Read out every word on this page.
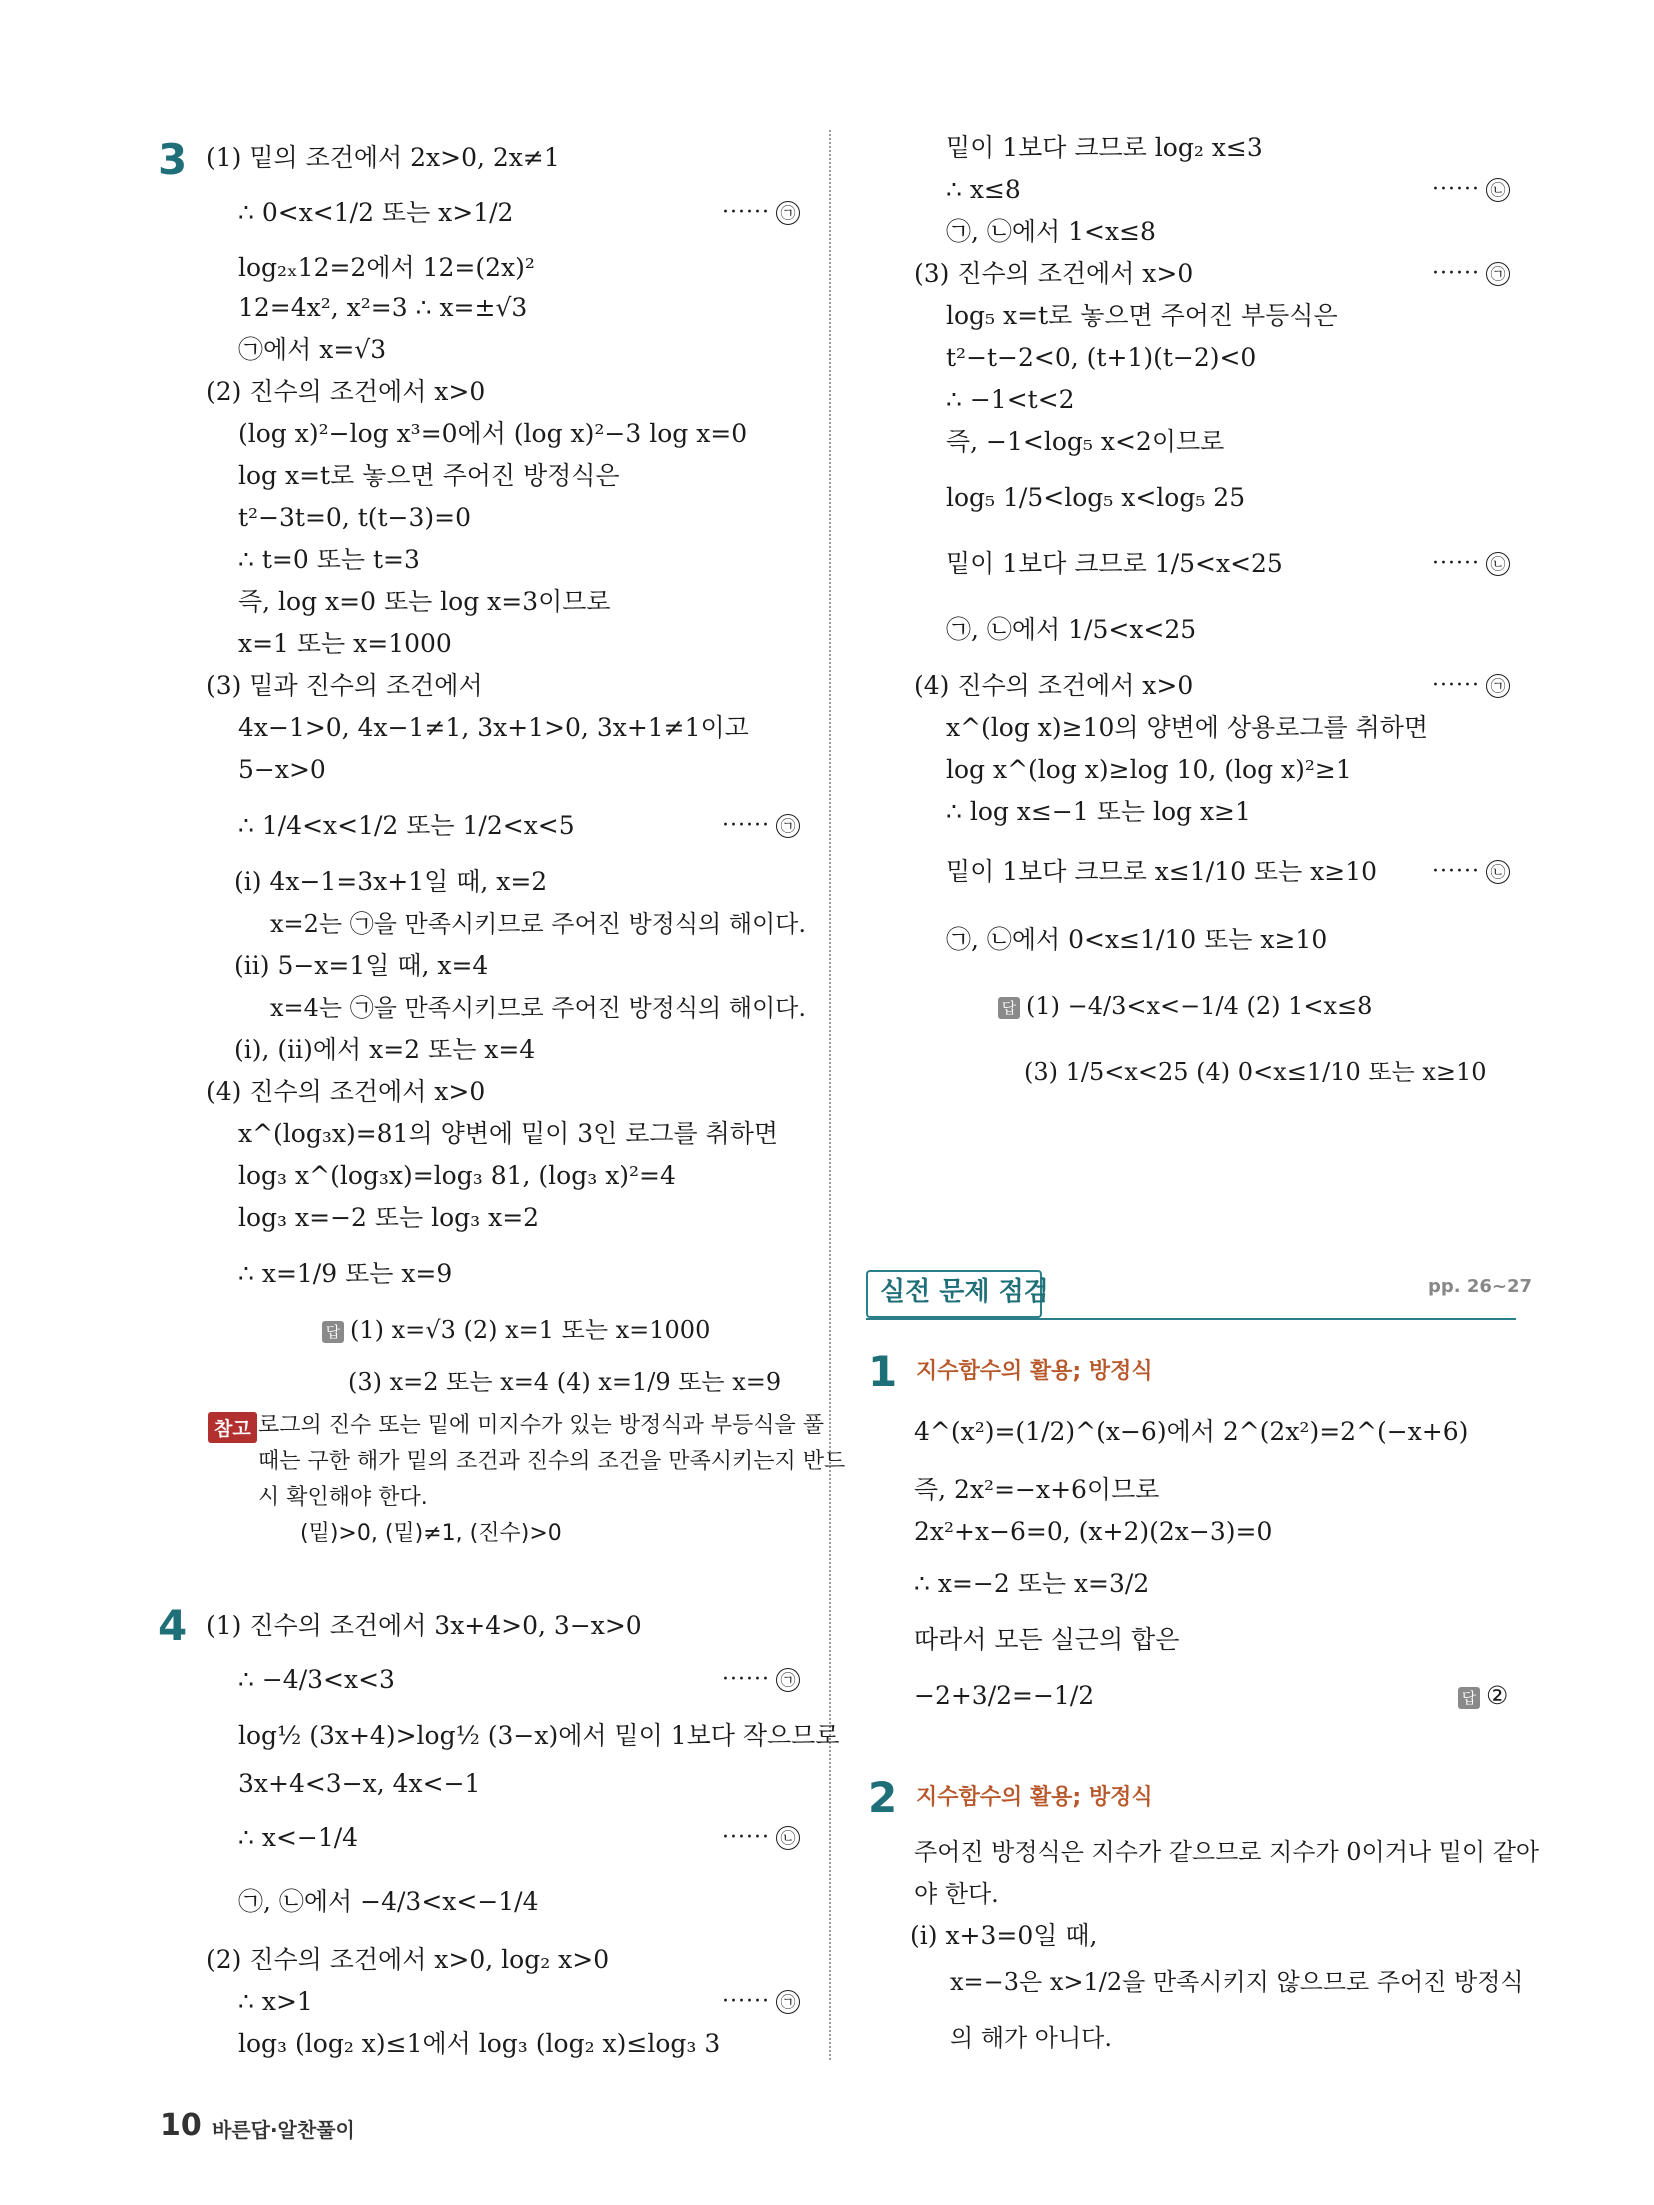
3 (1) 밑의 조건에서 2x>0, 2x≠1
∴ 0<x<1/2 또는 x>1/2	······ ㉠
log₂ₓ12=2에서 12=(2x)²
12=4x², x²=3 ∴ x=±√3
㉠에서 x=√3
(2) 진수의 조건에서 x>0
(log x)²−log x³=0에서 (log x)²−3 log x=0
log x=t로 놓으면 주어진 방정식은
t²−3t=0, t(t−3)=0
∴ t=0 또는 t=3
즉, log x=0 또는 log x=3이므로
x=1 또는 x=1000
(3) 밑과 진수의 조건에서
4x−1>0, 4x−1≠1, 3x+1>0, 3x+1≠1이고
5−x>0
∴ 1/4<x<1/2 또는 1/2<x<5	······ ㉠
(i) 4x−1=3x+1일 때, x=2
x=2는 ㉠을 만족시키므로 주어진 방정식의 해이다.
(ii) 5−x=1일 때, x=4
x=4는 ㉠을 만족시키므로 주어진 방정식의 해이다.
(i), (ii)에서 x=2 또는 x=4
(4) 진수의 조건에서 x>0
x^(log₃x)=81의 양변에 밑이 3인 로그를 취하면
log₃ x^(log₃x)=log₃ 81, (log₃ x)²=4
log₃ x=−2 또는 log₃ x=2
∴ x=1/9 또는 x=9
답 (1) x=√3 (2) x=1 또는 x=1000
(3) x=2 또는 x=4 (4) x=1/9 또는 x=9
참고 로그의 진수 또는 밑에 미지수가 있는 방정식과 부등식을 풀
때는 구한 해가 밑의 조건과 진수의 조건을 만족시키는지 반드
시 확인해야 한다.
(밑)>0, (밑)≠1, (진수)>0
4 (1) 진수의 조건에서 3x+4>0, 3−x>0
∴ −4/3<x<3	······ ㉠
log½ (3x+4)>log½ (3−x)에서 밑이 1보다 작으므로
3x+4<3−x, 4x<−1
∴ x<−1/4	······ ㉡
㉠, ㉡에서 −4/3<x<−1/4
(2) 진수의 조건에서 x>0, log₂ x>0
∴ x>1	······ ㉠
log₃ (log₂ x)≤1에서 log₃ (log₂ x)≤log₃ 3
밑이 1보다 크므로 log₂ x≤3
∴ x≤8	······ ㉡
㉠, ㉡에서 1<x≤8
(3) 진수의 조건에서 x>0	······ ㉠
log₅ x=t로 놓으면 주어진 부등식은
t²−t−2<0, (t+1)(t−2)<0
∴ −1<t<2
즉, −1<log₅ x<2이므로
log₅ 1/5<log₅ x<log₅ 25
밑이 1보다 크므로 1/5<x<25	······ ㉡
㉠, ㉡에서 1/5<x<25
(4) 진수의 조건에서 x>0	······ ㉠
x^(log x)≥10의 양변에 상용로그를 취하면
log x^(log x)≥log 10, (log x)²≥1
∴ log x≤−1 또는 log x≥1
밑이 1보다 크므로 x≤1/10 또는 x≥10 ······ ㉡
㉠, ㉡에서 0<x≤1/10 또는 x≥10
답 (1) −4/3<x<−1/4 (2) 1<x≤8
(3) 1/5<x<25 (4) 0<x≤1/10 또는 x≥10
실전 문제 점검	pp. 26~27
1 지수함수의 활용; 방정식
4^(x²)=(1/2)^(x−6)에서 2^(2x²)=2^(−x+6)
즉, 2x²=−x+6이므로
2x²+x−6=0, (x+2)(2x−3)=0
∴ x=−2 또는 x=3/2
따라서 모든 실근의 합은
−2+3/2=−1/2	답 ②
2 지수함수의 활용; 방정식
주어진 방정식은 지수가 같으므로 지수가 0이거나 밑이 같아
야 한다.
(i) x+3=0일 때,
x=−3은 x>1/2을 만족시키지 않으므로 주어진 방정식
의 해가 아니다.
10 바른답·알찬풀이
